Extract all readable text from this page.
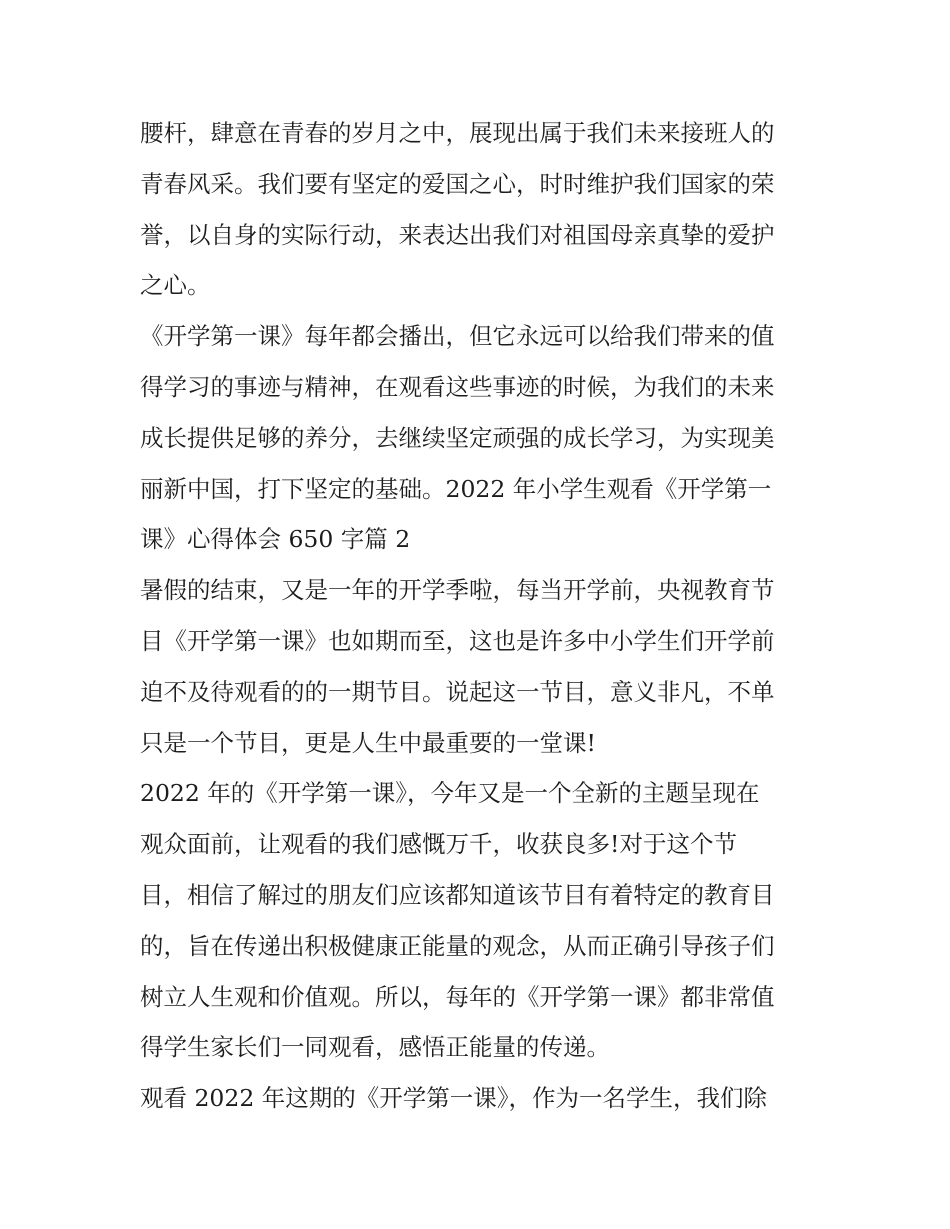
腰杆，肆意在青春的岁月之中，展现出属于我们未来接班人的
青春风采。我们要有坚定的爱国之心，时时维护我们国家的荣
誉，以自身的实际行动，来表达出我们对祖国母亲真挚的爱护
之心。
《开学第一课》每年都会播出，但它永远可以给我们带来的值
得学习的事迹与精神，在观看这些事迹的时候，为我们的未来
成长提供足够的养分，去继续坚定顽强的成长学习，为实现美
丽新中国，打下坚定的基础。2022 年小学生观看《开学第一
课》心得体会 650 字篇 2
暑假的结束，又是一年的开学季啦，每当开学前，央视教育节
目《开学第一课》也如期而至，这也是许多中小学生们开学前
迫不及待观看的的一期节目。说起这一节目，意义非凡，不单
只是一个节目，更是人生中最重要的一堂课!
2022 年的《开学第一课》，今年又是一个全新的主题呈现在
观众面前，让观看的我们感慨万千，收获良多!对于这个节
目，相信了解过的朋友们应该都知道该节目有着特定的教育目
的，旨在传递出积极健康正能量的观念，从而正确引导孩子们
树立人生观和价值观。所以，每年的《开学第一课》都非常值
得学生家长们一同观看，感悟正能量的传递。
观看 2022 年这期的《开学第一课》，作为一名学生，我们除
